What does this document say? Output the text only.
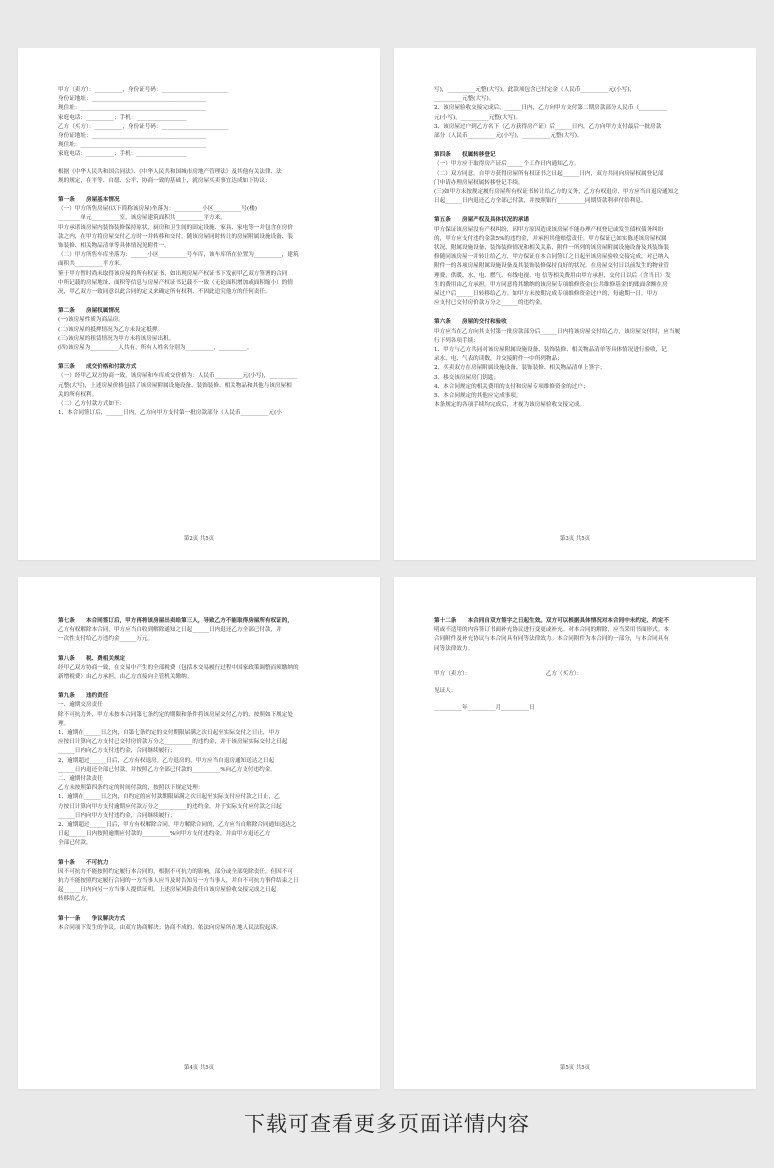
甲方（卖方）：__________，身份证号码：________________________
身份证地址：_________________________________________
现住址：_____________________________________________
家庭电话：__________；手机：__________________
乙方（买方）：__________，身份证号码：________________________
身份证地址：_________________________________________
现住址：_____________________________________________
家庭电话：__________；手机：__________________
根据《中华人民共和国合同法》、《中华人民共和国城市房地产管理法》及其他有关法律、法
规的规定，在平等、自愿、公平、协商一致的基础上，就房屋买卖事宜达成如下协议：
第一条　　房屋基本情况
（一）甲方所售房屋(以下简称该房屋)坐落为：__________小区__________号(楼)
________单元__________室，该房屋建筑面积共__________平方米。
甲方承诺该房屋内装饰装修保持原状，厨房和卫生间的固定设施、家具、家电等一并包含在房价
款之内，在甲方将房屋交付乙方时一并转移和交付。随该房屋同时转让的房屋附属设施设备、装
饰装修、相关物品清单等具体情况见附件一。
（二）甲方所售车库坐落为：______小区__________号车库，该车库所在位置为__________，建筑
面积共__________平方米。
鉴于甲方暂时尚未取得该房屋的所有权证书，如出现房屋产权证书下发前甲乙双方签署的合同
中所记载的房屋地址、面积等信息与房屋产权证书记载不一致（无论面积增加或面积缩小）的情
况，甲乙双方一致同意以此合同的定义来确定所有权利，不因此追究他方的任何责任。
第二条　　房屋权属情况
(一)该房屋性质为商品房。
(二)该房屋的抵押情况为乙方未设定抵押。
(三)该房屋的租赁情况为甲方未将该房屋出租。
(四)该房屋为__________人共有，所有人姓名分别为__________，__________。
第三条　　成交价格和付款方式
（一）经甲乙双方协商一致，该房屋和车库成交价格为：人民币__________元(小写)，__________
元整(大写)，上述房屋价格包括了该房屋附属设施设备、装饰装修、相关物品和其他与该房屋相
关的所有权利。
（二）乙方付款方式如下：
1、本合同签订后，______日内，乙方向甲方支付第一批房款部分（人民币__________元(小
第2页 共5页
写)，__________元整(大写)，此款项包含已付定金（人民币__________元(小写)，
__________元整(大写)。
2、该房屋验收交接完成后，______日内，乙方向甲方支付第二期房款部分人民币（__________
元(小写)，__________元整(大写)。
3、该房屋过户到乙方名下（乙方获得房产证）后______日内，乙方向甲方支付最后一批房款
部分（人民币__________元(小写)，__________元整(大写)。
第四条　　权属转移登记
（一）甲方应于取得房产证后______个工作日内通知乙方。
（二）双方同意，自甲方获得房屋所有权证书之日起______日内，双方共同向房屋权属登记部
门申请办理房屋权属转移登记手续。
(三)如甲方未按规定履行房屋所有权证书转让给乙方的义务，乙方有权退房，甲方应当自退房通知之
日起______日内退还乙方全部已付款，并按照银行__________同期贷款利率付给利息。
第五条　　房屋产权及具体状况的承诺
甲方保证该房屋没有产权纠纷，因甲方原因造成该房屋不能办理产权登记或发生债权债务纠纷
的，甲方应支付违约金款5%的违约金，并承担其他赔偿责任。甲方保证已如实陈述该房屋权属
状况、附属设施设备、装饰装修情况和相关关系，附件一所列的该房屋附属设施设备及其装饰装
修随同该房屋一并转让给乙方，甲方保证在本合同签订之日起至该房屋验收交接完成，对已纳入
附件一的各项房屋附属设施设备及其装饰装修保持良好的状况。在房屋交付日以前发生的物业管
理费、供暖、水、电、燃气、有线电视、电 信等相关费用由甲方承担，交付日以后（含当日）发
生的费用由乙方承担。甲方同意将其缴纳的该房屋专项维修资金(公共维修基金)的账面余额在房
屋过户后______日转移给乙方。如甲方未按期完成专项维修资金过户的，每逾期一日，甲方
应支付已交付房价款万分之______的违约金。
第六条　　房屋的交付和验收
甲方应当在乙方向其支付第一批房款部分后______日内将该房屋交付给乙方，该房屋交付时，应当履
行下列各项手续：
1、甲方与乙方共同对该房屋附属设施设备、装饰装修、相关物品清单等具体情况进行验收，记
录水、电、气表的读数，并交接附件一中所列物品；
2、买卖双方在房屋附属设施设备、装饰装修、相关物品清单上签字；
3、移交该房屋房门钥匙；
4、本合同规定的相关费用的支付和房屋专项维修资金的过户；
5、本合同规定的其他应完成事项。
本条规定的各项手续均完成后，才视为该房屋验收交接完成。
第3页 共5页
第七条　　本合同签订后，甲方再将该房屋出卖给第三人，导致乙方不能取得房屋所有权证的，
乙方有权解除本合同，甲方应当自收到解除通知之日起______日内退还乙方全部已付款，并
一次性支付给乙方违约金______万元。
第八条　　税、费相关规定
经甲乙双方协商一致，在交易中产生的全部税费（包括本交易履行过程中国家政策调整而须缴纳的
新增税费）由乙方承担，由乙方直接向主管机关缴纳。
第九条　　违约责任
一、逾期交房责任
除不可抗力外，甲方未按本合同第七条约定的期限和条件将该房屋交付乙方的，按照如下规定处
理。
1、逾期在______日之内，自第七条约定的交付期限届满之次日起至实际交付之日止，甲方
应按日计算向乙方支付已交付房价款万分之__________的违约金，并于该房屋实际交付之日起
______日内向乙方支付违约金，合同继续履行；
2、逾期超过______日后，乙方有权退房。乙方退房的，甲方应当自退房通知送达之日起
______日内退还全部已付款，并按照乙方全部已付款的__________%向乙方支付违约金。
二、逾期付款责任
乙方未按照第四条约定的时间付款的，按照以下规定处理：
1、逾期在______日之内，自约定的应付款期限届满之次日起至实际支付应付款之日止，乙
方按日计算向甲方支付逾期应付款万分之__________的违约金，并于实际支付应付款之日起
______日内向甲方支付违约金，合同继续履行；
2、逾期超过______日后，甲方有权解除合同。甲方解除合同的，乙方应当自解除合同通知送达之
日起______日内按照逾期应付款的__________%向甲方支付违约金，并由甲方退还乙方
全部已付款。
第十条　　不可抗力
因不可抗力不能按照约定履行本合同的，根据不可抗力的影响，部分或全部免除责任。但因不可
抗力不能按照约定履行合同的一方当事人应当及时告知另一方当事人，并自不可抗力事件结束之日
起______日内向另一方当事人提供证明。上述房屋风险责任自该房屋验收交接完成之日起
转移给乙方。
第十一条　　争议解决方式
本合同项下发生的争议，由双方协商解决；协商不成的，依法向房屋所在地人民法院起诉。
第4页 共5页
第十二条　　本合同自双方签字之日起生效。双方可以根据具体情况对本合同中未约定、约定不
明或不适用的内容签订书面补充协议进行变更或补充。对本合同的解除，应当采用书面形式。本
合同附件及补充协议与本合同具有同等法律效力。本合同附件为本合同的一部分，与本合同具有
同等法律效力。
甲方（卖方）：　　　　　　　　　　　　　　乙方（买方）：
见证人：
__________年__________月__________日
第5页 共5页
下载可查看更多页面详情内容
